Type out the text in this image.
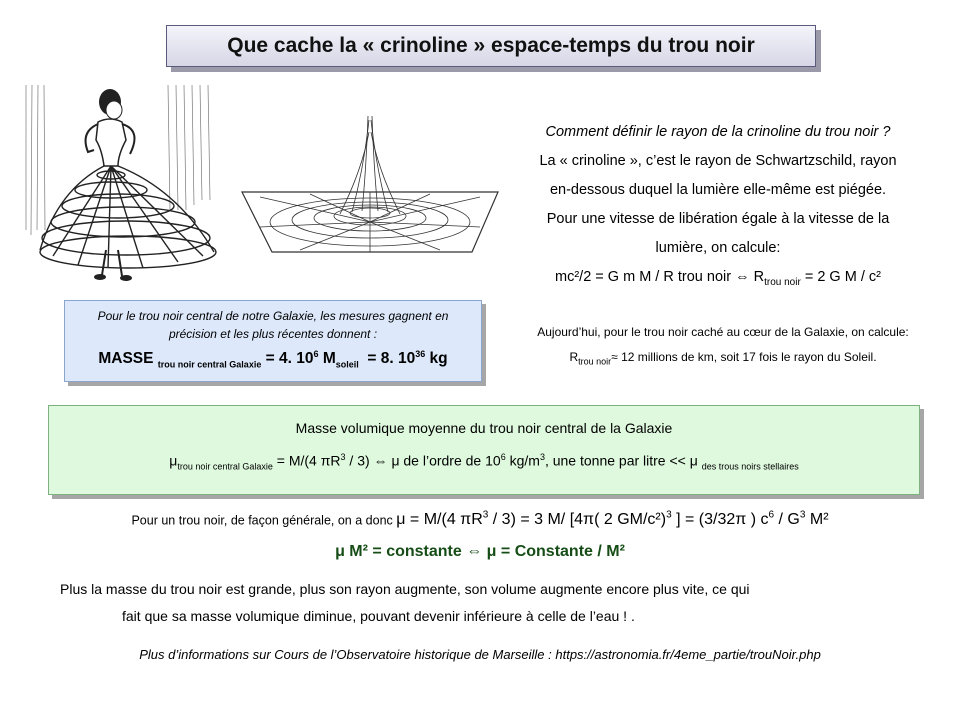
Que cache la « crinoline » espace-temps du trou noir
Comment définir le rayon de la crinoline du trou noir ?
La « crinoline », c’est le rayon de Schwartzschild, rayon
en-dessous duquel la lumière elle-même est piégée.
Pour une vitesse de libération égale à la vitesse de la
lumière, on calcule:
mc²/2 = G m M / R trou noir ⇔ $R_{trou noir} = 2$ G M / c²
Pour le trou noir central de notre Galaxie, les mesures gagnent en
précision et les plus récentes donnent :
MASSE $_{trou noir central Galaxie}$ = 4. $10^6$ $M_{soleil} = 8$. $10^{36}$ kg
Aujourd’hui, pour le trou noir caché au cœur de la Galaxie, on calcule:
$R_{trou noir}\approx 12$ millions de km, soit 17 fois le rayon du Soleil.
Masse volumique moyenne du trou noir central de la Galaxie
$\mu_{trou noir central Galaxie} = M/(4$ $\pi R^3 / 3$) ⇔ μ de l’ordre de $10^6$ $kg/m^3$, une tonne par litre << μ $_{des trous noirs stellaires}$
Pour un trou noir, de façon générale, on a donc μ = M/(4 $\pi R^3 / 3) = 3$ M/ [4π( 2 GM/c²)$^3$ ] = (3/32π ) $c^6 / G^3$ M²
μ M² = constante ⇔ μ = Constante / M²
Plus la masse du trou noir est grande, plus son rayon augmente, son volume augmente encore plus vite, ce qui
fait que sa masse volumique diminue, pouvant devenir inférieure à celle de l’eau ! .
Plus d’informations sur Cours de l’Observatoire historique de Marseille : https://astronomia.fr/4eme_partie/trouNoir.php
